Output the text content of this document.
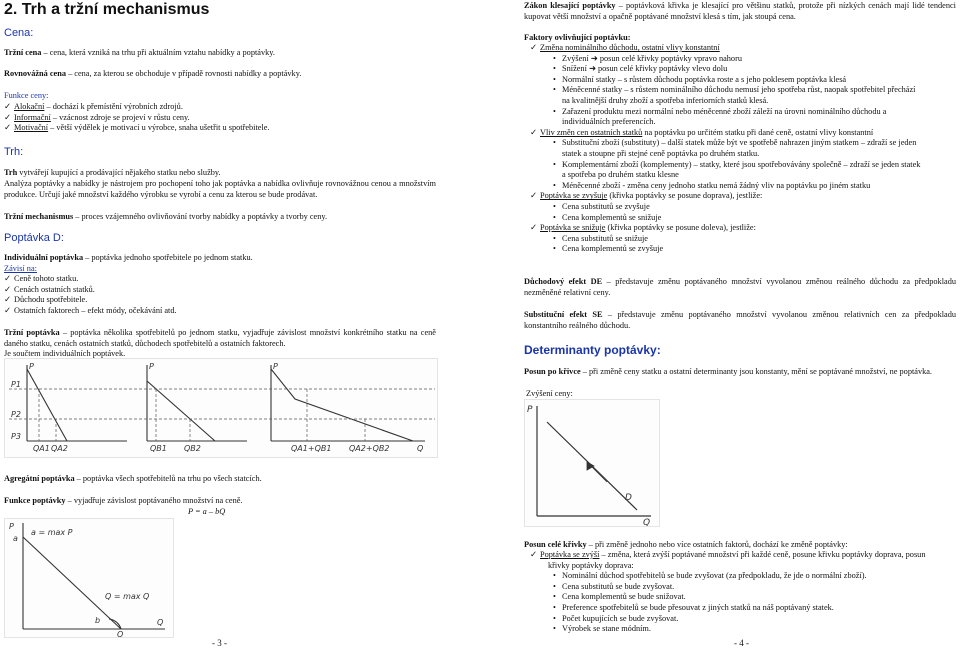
2. Trh a tržní mechanismus
Cena:
Tržní cena – cena, která vzniká na trhu při aktuálním vztahu nabídky a poptávky.
Rovnovážná cena – cena, za kterou se obchoduje v případě rovnosti nabídky a poptávky.
Funkce ceny:
✓ Alokační – dochází k přemístění výrobních zdrojů.
✓ Informační – vzácnost zdroje se projeví v růstu ceny.
✓ Motivační – větší výdělek je motivací u výrobce, snaha ušetřit u spotřebitele.
Trh:
Trh vytvářejí kupující a prodávající nějakého statku nebo služby.
Analýza poptávky a nabídky je nástrojem pro pochopení toho jak poptávka a nabídka ovlivňuje rovnovážnou cenou a množstvím produkce. Určují jaké množství každého výrobku se vyrobí a cenu za kterou se bude prodávat.
Tržní mechanismus – proces vzájemného ovlivňování tvorby nabídky a poptávky a tvorby ceny.
Poptávka D:
Individuální poptávka – poptávka jednoho spotřebitele po jednom statku.
Závisí na:
✓ Ceně tohoto statku.
✓ Cenách ostatních statků.
✓ Důchodu spotřebitele.
✓ Ostatních faktorech – efekt módy, očekávání atd.
Tržní poptávka – poptávka několika spotřebitelů po jednom statku, vyjadřuje závislost množství konkrétního statku na ceně daného statku, cenách ostatních statků, důchodech spotřebitelů a ostatních faktorech.
Je součtem individuálních poptávek.
P	P	P
P1
P2
P3
QA1 QA2	QB1 QB2	Q
QA1+QB1 QA2+QB2
Agregátní poptávka – poptávka všech spotřebitelů na trhu po všech statcích.
Funkce poptávky – vyjadřuje závislost poptávaného množství na ceně.
P = a – bQ
a = max P
P
a
Q = max Q
b
Q
Q
- 3 -
Zákon klesající poptávky – poptávková křivka je klesající pro většinu statků, protože při nízkých cenách mají lidé tendenci kupovat větší množství a opačně poptávané množství klesá s tím, jak stoupá cena.
Faktory ovlivňující poptávku:
✓ Změna nominálního důchodu, ostatní vlivy konstantní
• Zvýšení ➜ posun celé křivky poptávky vpravo nahoru
• Snížení ➜ posun celé křivky poptávky vlevo dolu
• Normální statky – s růstem důchodu poptávka roste a s jeho poklesem poptávka klesá
• Méněcenné statky – s růstem nominálního důchodu nemusí jeho spotřeba růst, naopak spotřebitel přechází
na kvalitnější druhy zboží a spotřeba inferiorních statků klesá.
• Zařazení produktu mezi normální nebo méněcenné zboží záleží na úrovni nominálního důchodu a
individuálních preferencích.
✓ Vliv změn cen ostatních statků na poptávku po určitém statku při dané ceně, ostatní vlivy konstantní
• Substituční zboží (substituty) – další statek může být ve spotřebě nahrazen jiným statkem – zdraží se jeden
statek a stoupne při stejné ceně poptávka po druhém statku.
• Komplementární zboží (komplementy) – statky, které jsou spotřebovávány společně – zdraží se jeden statek
a spotřeba po druhém statku klesne
• Méněcenné zboží - změna ceny jednoho statku nemá žádný vliv na poptávku po jiném statku
✓ Poptávka se zvyšuje (křivka poptávky se posune doprava), jestliže:
• Cena substitutů se zvyšuje
• Cena komplementů se snižuje
✓ Poptávka se snižuje (křivka poptávky se posune doleva), jestliže:
• Cena substitutů se snižuje
• Cena komplementů se zvyšuje
Důchodový efekt DE – představuje změnu poptávaného množství vyvolanou změnou reálného důchodu za předpokladu nezměněné relativní ceny.
Substituční efekt SE – představuje změnu poptávaného množství vyvolanou změnou relativních cen za předpokladu konstantního reálného důchodu.
Determinanty poptávky:
Posun po křivce – při změně ceny statku a ostatní determinanty jsou konstanty, mění se poptávané množství, ne poptávka.
Zvýšení ceny:
P
D
Q
Posun celé křivky – při změně jednoho nebo více ostatních faktorů, dochází ke změně poptávky:
✓ Poptávka se zvýší – změna, která zvýší poptávané množství při každé ceně, posune křivku poptávky doprava, posun
křivky poptávky doprava:
• Nominální důchod spotřebitelů se bude zvyšovat (za předpokladu, že jde o normální zboží).
• Cena substitutů se bude zvyšovat.
• Cena komplementů se bude snižovat.
• Preference spotřebitelů se bude přesouvat z jiných statků na náš poptávaný statek.
• Počet kupujících se bude zvyšovat.
• Výrobek se stane módním.
- 4 -
